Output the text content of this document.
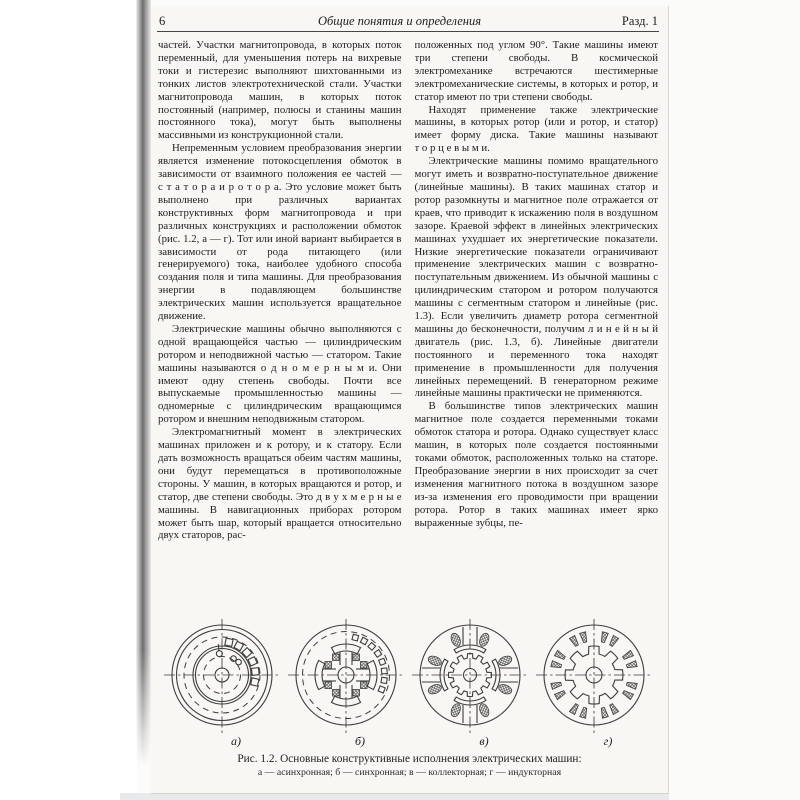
6	Общие понятия и определения	Разд. 1

частей. Участки магнитопровода, в которых поток переменный, для уменьшения потерь на вихревые токи и гистерезис выполняют шихтованными из тонких листов электротехнической стали. Участки магнитопровода машин, в которых поток постоянный (например, полюсы и станины машин постоянного тока), могут быть выполнены массивными из конструкционной стали.

Непременным условием преобразования энергии является изменение потокосцепления обмоток в зависимости от взаимного положения ее частей — с т а т о р а и р о т о р а. Это условие может быть выполнено при различных вариантах конструктивных форм магнитопровода и при различных конструкциях и расположении обмоток (рис. 1.2, а — г). Тот или иной вариант выбирается в зависимости от рода питающего (или генерируемого) тока, наиболее удобного способа создания поля и типа машины. Для преобразования энергии в подавляющем большинстве электрических машин используется вращательное движение.

Электрические машины обычно выполняются с одной вращающейся частью — цилиндрическим ротором и неподвижной частью — статором. Такие машины называются о д н о м е р н ы м и. Они имеют одну степень свободы. Почти все выпускаемые промышленностью машины — одномерные с цилиндрическим вращающимся ротором и внешним неподвижным статором.

Электромагнитный момент в электрических машинах приложен и к ротору, и к статору. Если дать возможность вращаться обеим частям машины, они будут перемещаться в противоположные стороны. У машин, в которых вращаются и ротор, и статор, две степени свободы. Это д в у х м е р н ы е машины. В навигационных приборах ротором может быть шар, который вращается относительно двух статоров, рас-

положенных под углом 90°. Такие машины имеют три степени свободы. В космической электромеханике встречаются шестимерные электромеханические системы, в которых и ротор, и статор имеют по три степени свободы.

Находят применение также электрические машины, в которых ротор (или и ротор, и статор) имеет форму диска. Такие машины называют т о р ц е в ы м и.

Электрические машины помимо вращательного могут иметь и возвратно-поступательное движение (линейные машины). В таких машинах статор и ротор разомкнуты и магнитное поле отражается от краев, что приводит к искажению поля в воздушном зазоре. Краевой эффект в линейных электрических машинах ухудшает их энергетические показатели. Низкие энергетические показатели ограничивают применение электрических машин с возвратно-поступательным движением. Из обычной машины с цилиндрическим статором и ротором получаются машины с сегментным статором и линейные (рис. 1.3). Если увеличить диаметр ротора сегментной машины до бесконечности, получим л и н е й н ы й двигатель (рис. 1.3, б). Линейные двигатели постоянного и переменного тока находят применение в промышленности для получения линейных перемещений. В генераторном режиме линейные машины практически не применяются.

В большинстве типов электрических машин магнитное поле создается переменными токами обмоток статора и ротора. Однако существует класс машин, в которых поле создается постоянными токами обмоток, расположенных только на статоре. Преобразование энергии в них происходит за счет изменения магнитного потока в воздушном зазоре из-за изменения его проводимости при вращении ротора. Ротор в таких машинах имеет ярко выраженные зубцы, пе-

а)	б)	в)	г)
Рис. 1.2. Основные конструктивные исполнения электрических машин:
а — асинхронная; б — синхронная; в — коллекторная; г — индукторная
